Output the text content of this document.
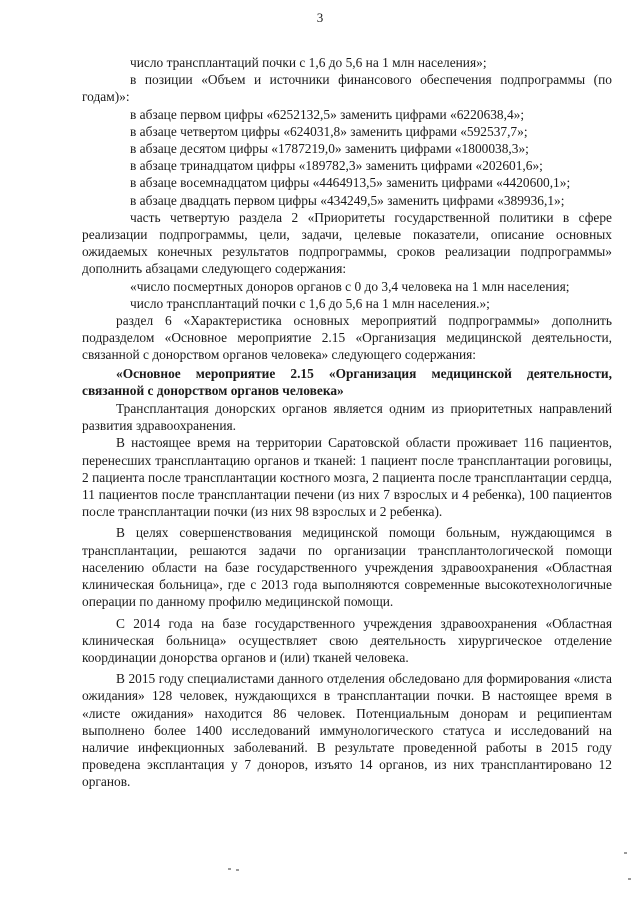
3

число трансплантаций почки с 1,6 до 5,6 на 1 млн населения»;

в позиции «Объем и источники финансового обеспечения подпрограммы (по годам)»:

в абзаце первом цифры «6252132,5» заменить цифрами «6220638,4»;

в абзаце четвертом цифры «624031,8» заменить цифрами «592537,7»;

в абзаце десятом цифры «1787219,0» заменить цифрами «1800038,3»;

в абзаце тринадцатом цифры «189782,3» заменить цифрами «202601,6»;

в абзаце восемнадцатом цифры «4464913,5» заменить цифрами «4420600,1»;

в абзаце двадцать первом цифры «434249,5» заменить цифрами «389936,1»;

часть четвертую раздела 2 «Приоритеты государственной политики в сфере реализации подпрограммы, цели, задачи, целевые показатели, описание основных ожидаемых конечных результатов подпрограммы, сроков реализации подпрограммы» дополнить абзацами следующего содержания:

«число посмертных доноров органов с 0 до 3,4 человека на 1 млн населения;

число трансплантаций почки с 1,6 до 5,6 на 1 млн населения.»;

раздел 6 «Характеристика основных мероприятий подпрограммы» дополнить подразделом «Основное мероприятие 2.15 «Организация медицинской деятельности, связанной с донорством органов человека» следующего содержания:

«Основное мероприятие 2.15 «Организация медицинской деятельности, связанной с донорством органов человека»

Трансплантация донорских органов является одним из приоритетных направлений развития здравоохранения.

В настоящее время на территории Саратовской области проживает 116 пациентов, перенесших трансплантацию органов и тканей: 1 пациент после трансплантации роговицы, 2 пациента после трансплантации костного мозга, 2 пациента после трансплантации сердца, 11 пациентов после трансплантации печени (из них 7 взрослых и 4 ребенка), 100 пациентов после трансплантации почки (из них 98 взрослых и 2 ребенка).

В целях совершенствования медицинской помощи больным, нуждающимся в трансплантации, решаются задачи по организации трансплантологической помощи населению области на базе государственного учреждения здравоохранения «Областная клиническая больница», где с 2013 года выполняются современные высокотехнологичные операции по данному профилю медицинской помощи.

С 2014 года на базе государственного учреждения здравоохранения «Областная клиническая больница» осуществляет свою деятельность хирургическое отделение координации донорства органов и (или) тканей человека.

В 2015 году специалистами данного отделения обследовано для формирования «листа ожидания» 128 человек, нуждающихся в трансплантации почки. В настоящее время в «листе ожидания» находится 86 человек. Потенциальным донорам и реципиентам выполнено более 1400 исследований иммунологического статуса и исследований на наличие инфекционных заболеваний. В результате проведенной работы в 2015 году проведена эксплантация у 7 доноров, изъято 14 органов, из них трансплантировано 12 органов.
